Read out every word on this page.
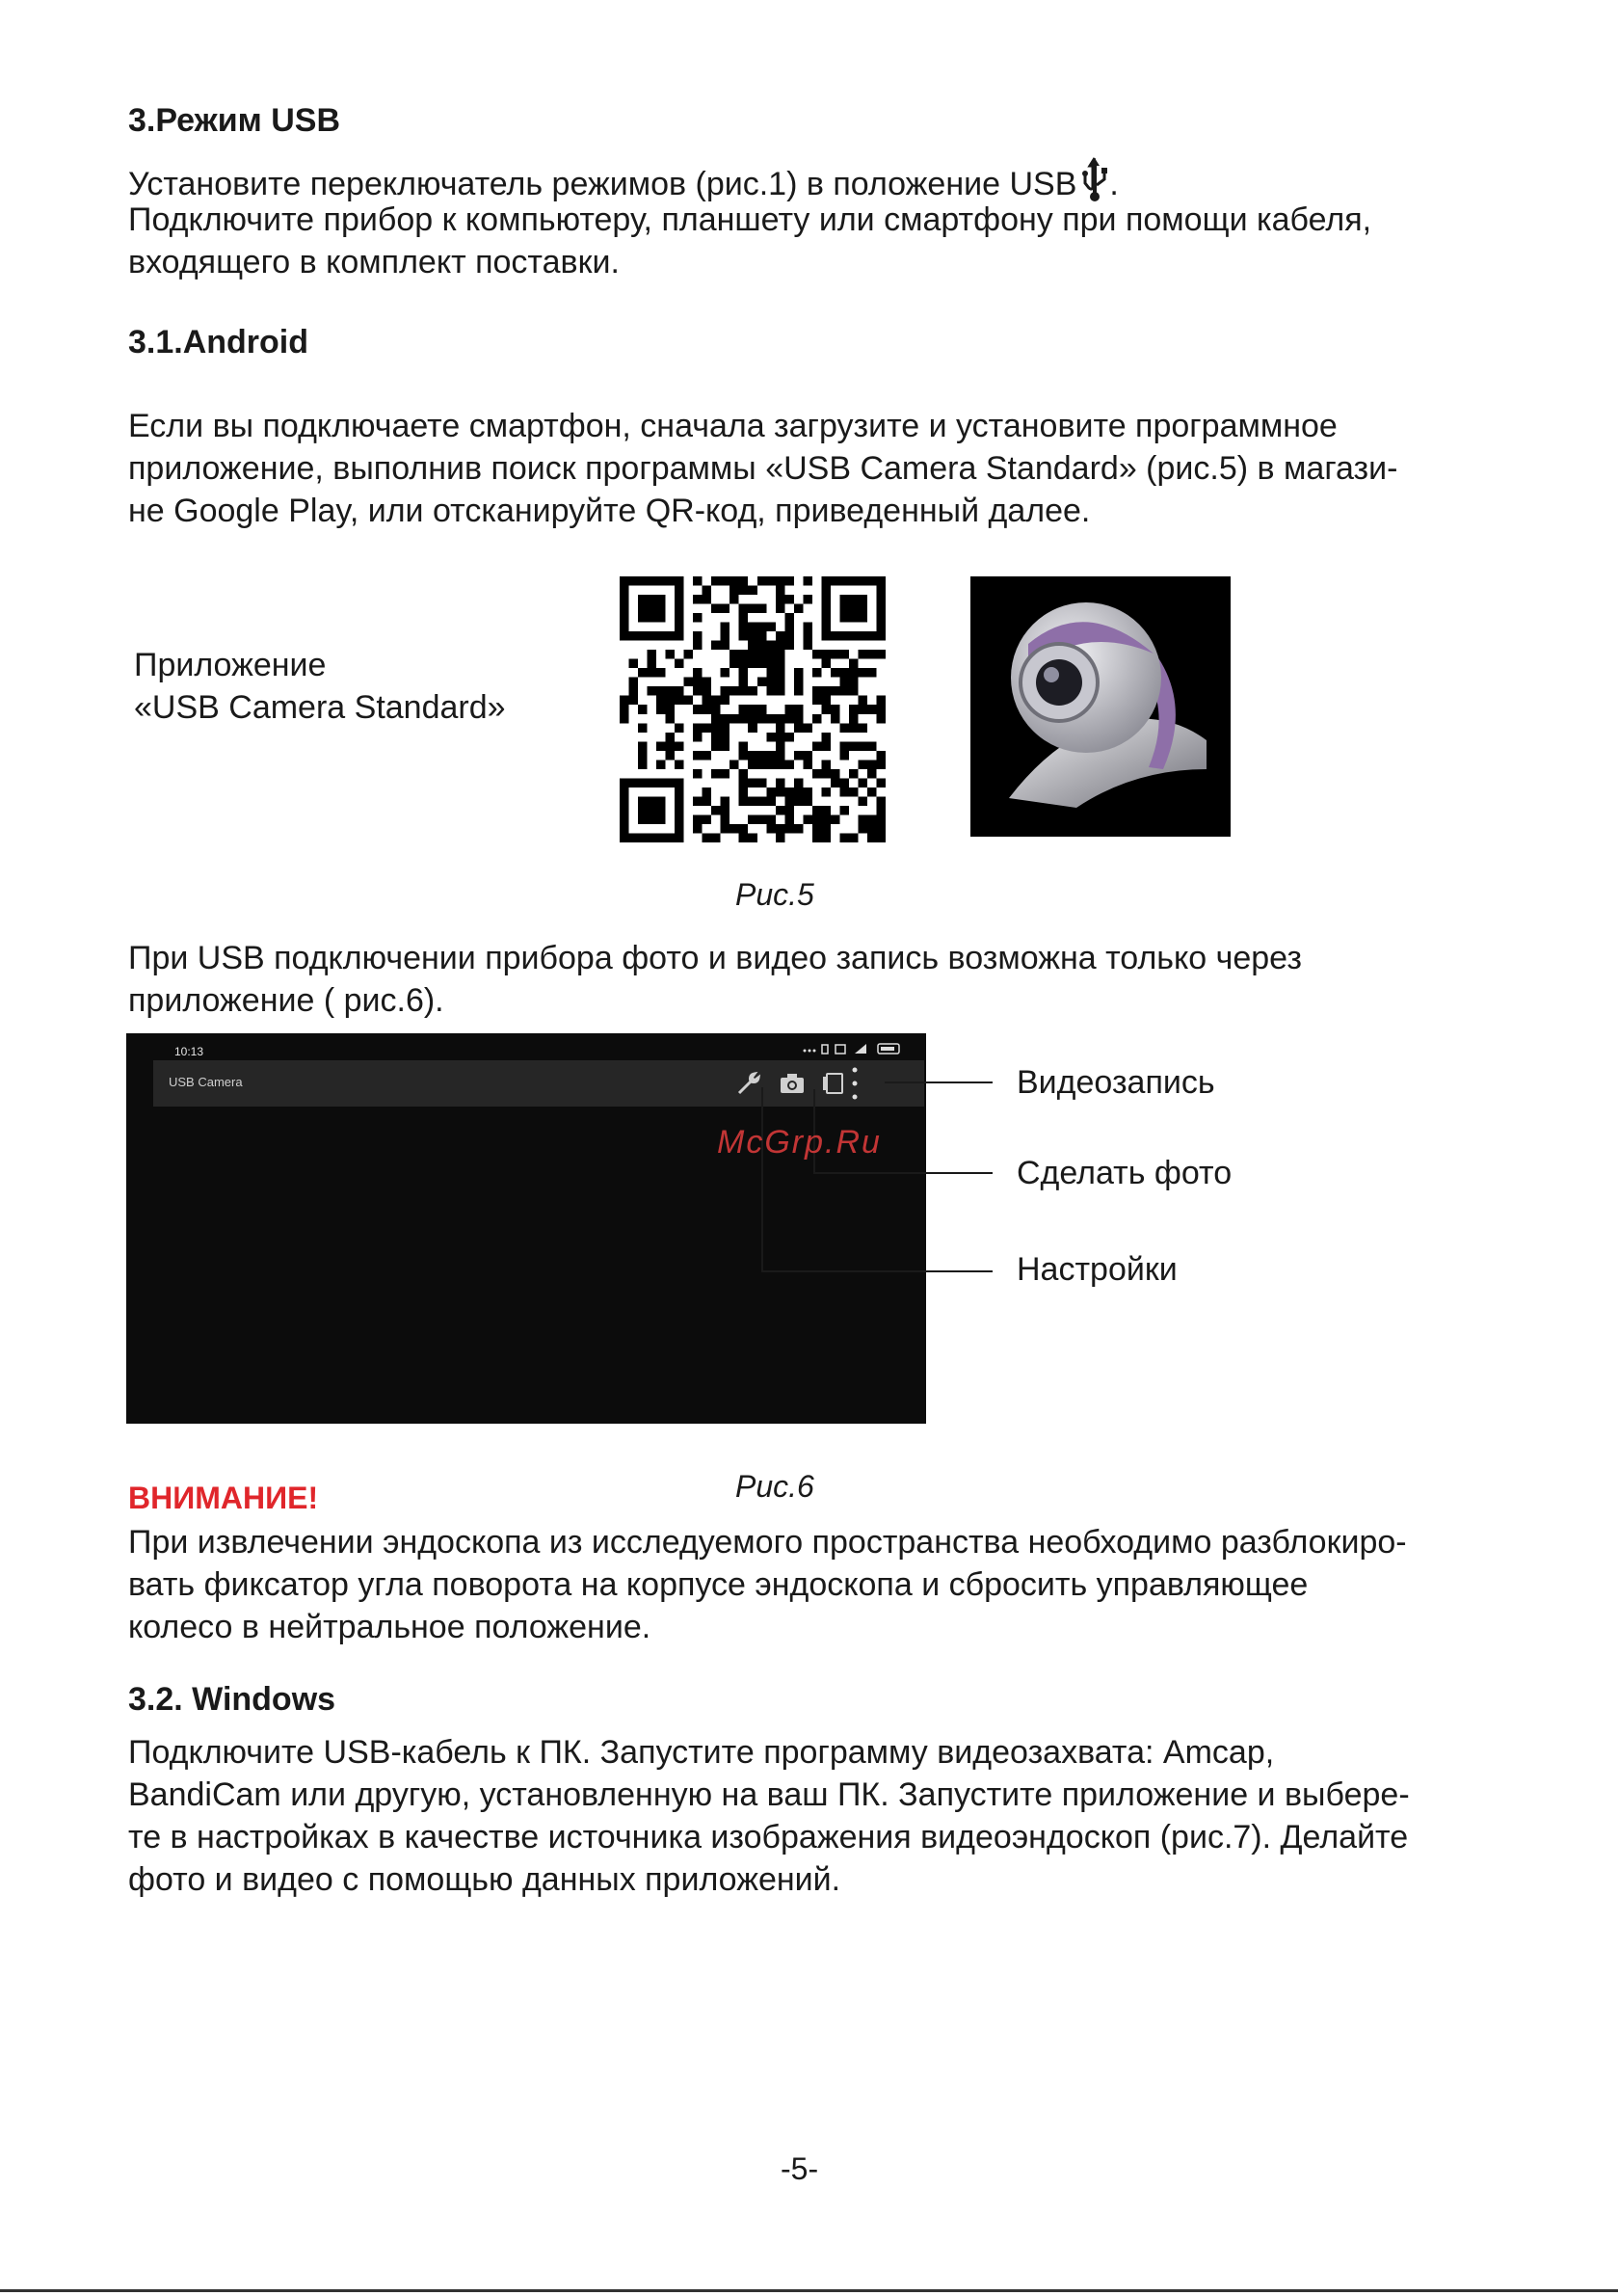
3.Режим USB
Установите переключатель режимов (рис.1) в положение USB .
Подключите прибор к компьютеру, планшету или смартфону при помощи кабеля,
входящего в комплект поставки.
3.1.Android
Если вы подключаете смартфон, сначала загрузите и установите программное
приложение, выполнив поиск программы «USB Camera Standard» (рис.5) в магази-
не Google Play, или отсканируйте QR-код, приведенный далее.
Приложение
«USB Camera Standard»
Рис.5
При USB подключении прибора фото и видео запись возможна только через
приложение ( рис.6).
10:13
USB Camera	Видеозапись
Сделать фото
Настройки
McGrp.Ru
Рис.6
ВНИМАНИЕ!
При извлечении эндоскопа из исследуемого пространства необходимо разблокиро-
вать фиксатор угла поворота на корпусе эндоскопа и сбросить управляющее
колесо в нейтральное положение.
3.2. Windows
Подключите USB-кабель к ПК. Запустите программу видеозахвата: Amcap,
BandiCam или другую, установленную на ваш ПК. Запустите приложение и выбере-
те в настройках в качестве источника изображения видеоэндоскоп (рис.7). Делайте
фото и видео с помощью данных приложений.
-5-
